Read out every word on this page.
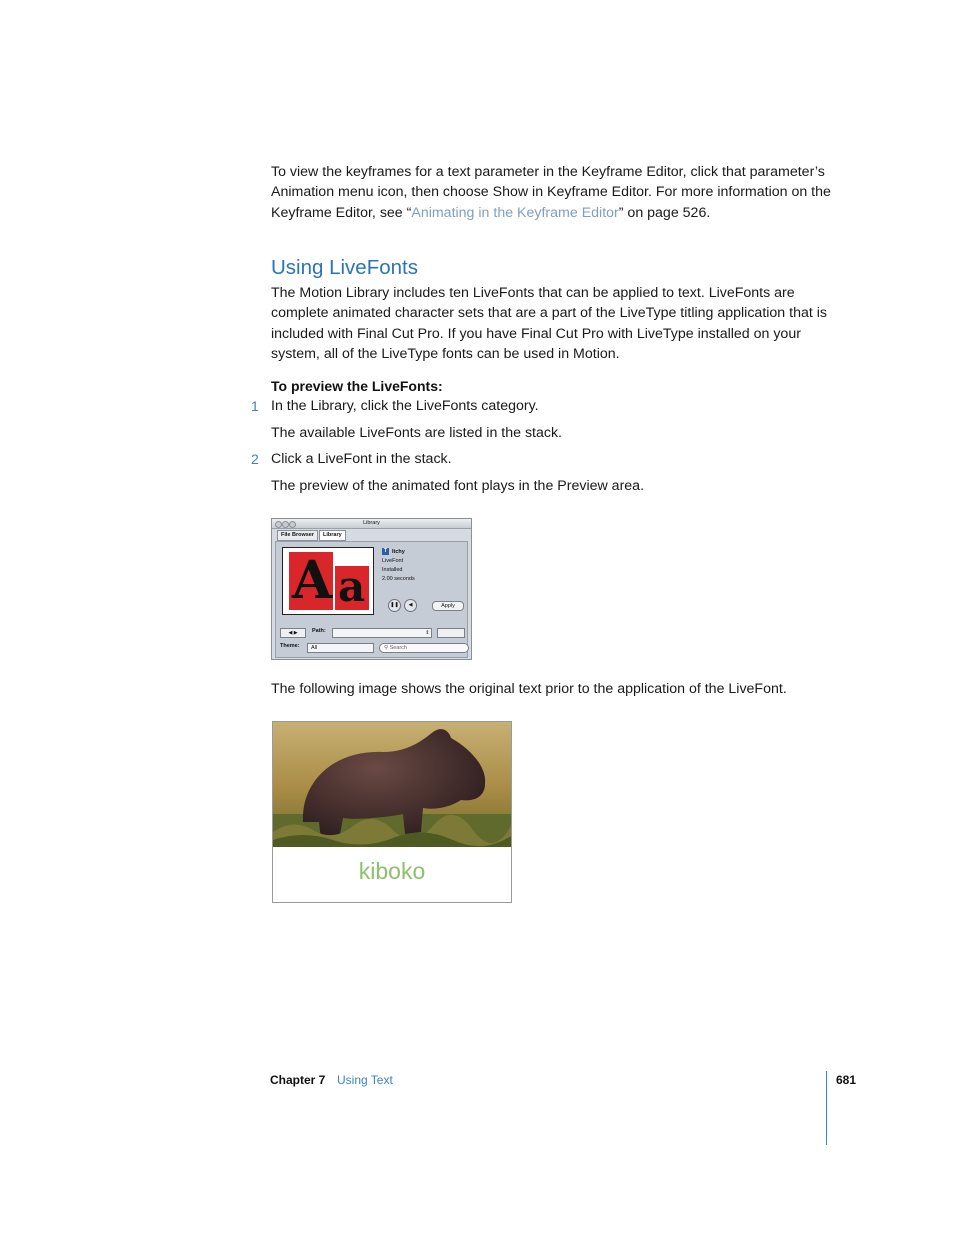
To view the keyframes for a text parameter in the Keyframe Editor, click that parameter’s Animation menu icon, then choose Show in Keyframe Editor. For more information on the Keyframe Editor, see “Animating in the Keyframe Editor” on page 526.
Using LiveFonts
The Motion Library includes ten LiveFonts that can be applied to text. LiveFonts are complete animated character sets that are a part of the LiveType titling application that is included with Final Cut Pro. If you have Final Cut Pro with LiveType installed on your system, all of the LiveType fonts can be used in Motion.
To preview the LiveFonts:
1 In the Library, click the LiveFonts category.
The available LiveFonts are listed in the stack.
2 Click a LiveFont in the stack.
The preview of the animated font plays in the Preview area.
Library
File Browser	Library
A a
T Itchy
LiveFont
Installed
2.00 seconds
❚❚	◀	Apply
◀ ▶	Path:	⇕
Theme:	All	⚲ Search
The following image shows the original text prior to the application of the LiveFont.
kiboko
Chapter 7 Using Text	681
